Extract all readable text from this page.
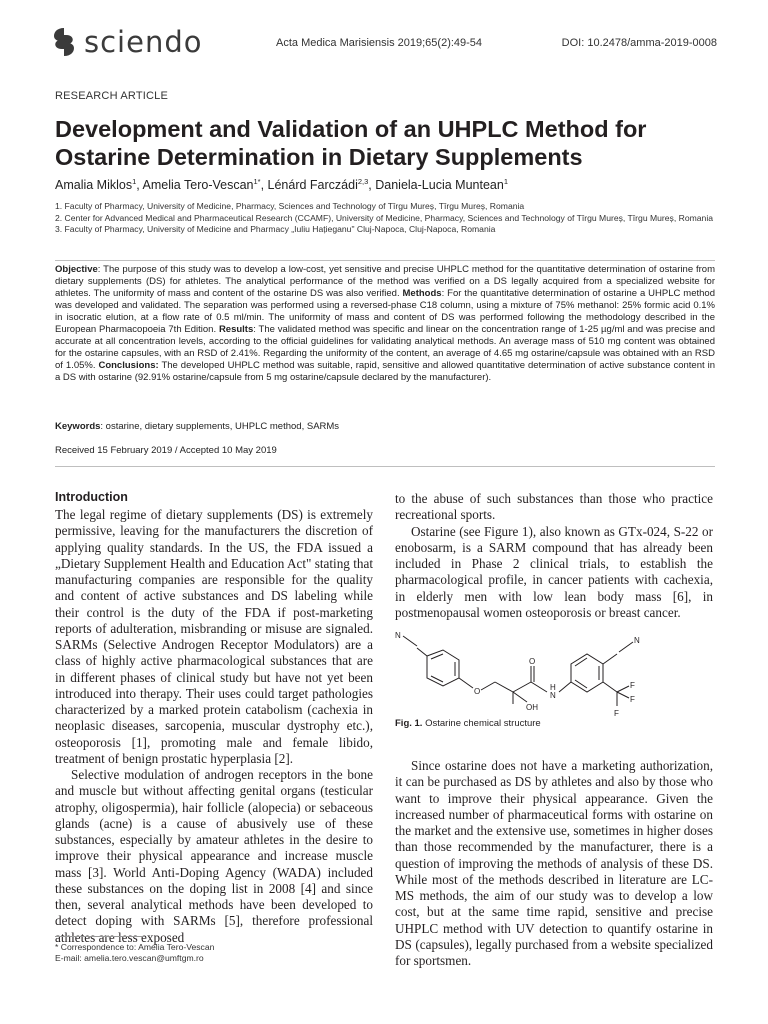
sciendo	Acta Medica Marisiensis 2019;65(2):49-54	DOI: 10.2478/amma-2019-0008
RESEARCH ARTICLE
Development and Validation of an UHPLC Method for Ostarine Determination in Dietary Supplements
Amalia Miklos$^1$, Amelia Tero-Vescan$^{1*}$, Lénárd Farczádi$^{2,3}$, Daniela-Lucia Muntean$^1$
1. Faculty of Pharmacy, University of Medicine, Pharmacy, Sciences and Technology of Tîrgu Mureș, Tîrgu Mureș, Romania
2. Center for Advanced Medical and Pharmaceutical Research (CCAMF), University of Medicine, Pharmacy, Sciences and Technology of Tîrgu Mureș, Tîrgu Mureș, Romania
3. Faculty of Pharmacy, University of Medicine and Pharmacy „Iuliu Hațieganu" Cluj-Napoca, Cluj-Napoca, Romania
Objective: The purpose of this study was to develop a low-cost, yet sensitive and precise UHPLC method for the quantitative determination of ostarine from dietary supplements (DS) for athletes. The analytical performance of the method was verified on a DS legally acquired from a specialized website for athletes. The uniformity of mass and content of the ostarine DS was also verified. Methods: For the quantitative determination of ostarine a UHPLC method was developed and validated. The separation was performed using a reversed-phase C18 column, using a mixture of 75% methanol: 25% formic acid 0.1% in isocratic elution, at a flow rate of 0.5 ml/min. The uniformity of mass and content of DS was performed following the methodology described in the European Pharmacopoeia 7th Edition. Results: The validated method was specific and linear on the concentration range of 1-25 µg/ml and was precise and accurate at all concentration levels, according to the official guidelines for validating analytical methods. An average mass of 510 mg content was obtained for the ostarine capsules, with an RSD of 2.41%. Regarding the uniformity of the content, an average of 4.65 mg ostarine/capsule was obtained with an RSD of 1.05%. Conclusions: The developed UHPLC method was suitable, rapid, sensitive and allowed quantitative determination of active substance content in a DS with ostarine (92.91% ostarine/capsule from 5 mg ostarine/capsule declared by the manufacturer).
Keywords: ostarine, dietary supplements, UHPLC method, SARMs
Received 15 February 2019 / Accepted 10 May 2019
Introduction

The legal regime of dietary supplements (DS) is extremely permissive, leaving for the manufacturers the discretion of applying quality standards. In the US, the FDA issued a „Dietary Supplement Health and Education Act" stating that manufacturing companies are responsible for the quality and content of active substances and DS labeling while their control is the duty of the FDA if post-marketing reports of adulteration, misbranding or misuse are signaled. SARMs (Selective Androgen Receptor Modulators) are a class of highly active pharmacological substances that are in different phases of clinical study but have not yet been introduced into therapy. Their uses could target pathologies characterized by a marked protein catabolism (cachexia in neoplasic diseases, sarcopenia, muscular dystrophy etc.), osteoporosis [1], promoting male and female libido, treatment of benign prostatic hyperplasia [2].

Selective modulation of androgen receptors in the bone and muscle but without affecting genital organs (testicular atrophy, oligospermia), hair follicle (alopecia) or sebaceous glands (acne) is a cause of abusively use of these substances, especially by amateur athletes in the desire to improve their physical appearance and increase muscle mass [3]. World Anti-Doping Agency (WADA) included these substances on the doping list in 2008 [4] and since then, several analytical methods have been developed to detect doping with SARMs [5], therefore professional athletes are less exposed

to the abuse of such substances than those who practice recreational sports.

Ostarine (see Figure 1), also known as GTx-024, S-22 or enobosarm, is a SARM compound that has already been included in Phase 2 clinical trials, to establish the pharmacological profile, in cancer patients with cachexia, in elderly men with low lean body mass [6], in postmenopausal women osteoporosis or breast cancer.

N
O
O
H
N
OH
N
F
F
F
Fig. 1. Ostarine chemical structure

Since ostarine does not have a marketing authorization, it can be purchased as DS by athletes and also by those who want to improve their physical appearance. Given the increased number of pharmaceutical forms with ostarine on the market and the extensive use, sometimes in higher doses than those recommended by the manufacturer, there is a question of improving the methods of analysis of these DS. While most of the methods described in literature are LC-MS methods, the aim of our study was to develop a low cost, but at the same time rapid, sensitive and precise UHPLC method with UV detection to quantify ostarine in DS (capsules), legally purchased from a website specialized for sportsmen.

* Correspondence to: Amelia Tero-Vescan
E-mail: amelia.tero.vescan@umftgm.ro
